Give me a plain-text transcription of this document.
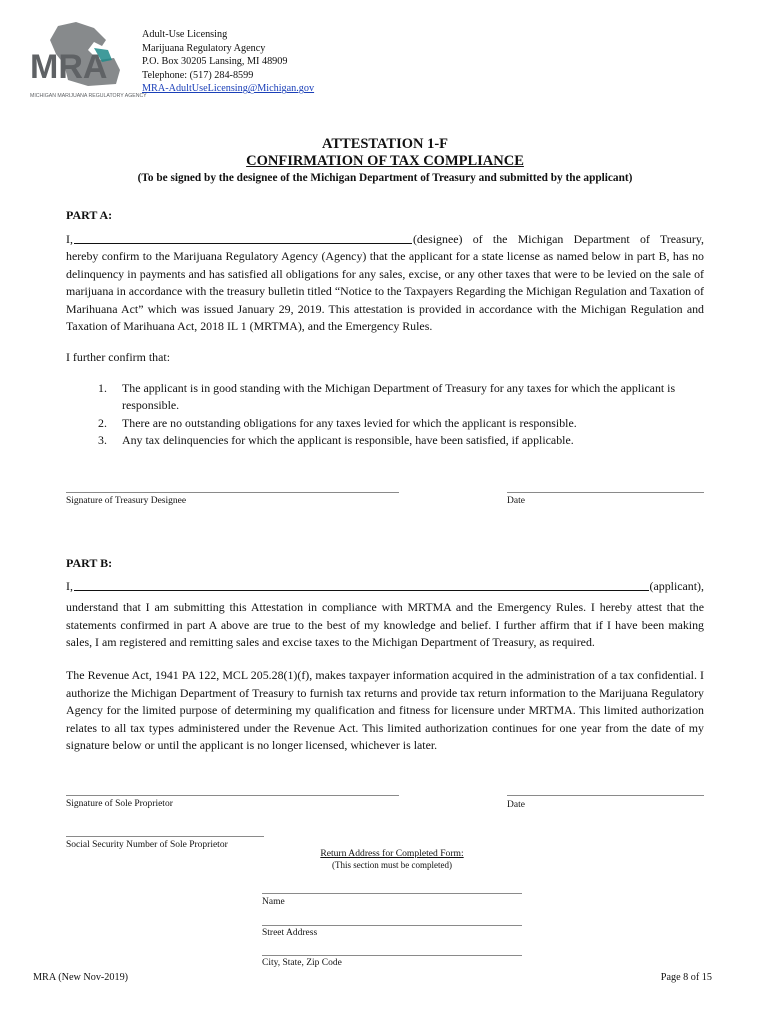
MRA
MICHIGAN MARIJUANA REGULATORY AGENCY
Adult-Use Licensing
Marijuana Regulatory Agency
P.O. Box 30205 Lansing, MI 48909
Telephone: (517) 284-8599
MRA-AdultUseLicensing@Michigan.gov
ATTESTATION 1-F
CONFIRMATION OF TAX COMPLIANCE
(To be signed by the designee of the Michigan Department of Treasury and submitted by the applicant)
PART A:
I,	(designee) of the Michigan Department of Treasury,
hereby confirm to the Marijuana Regulatory Agency (Agency) that the applicant for a state license as named below in part B, has no delinquency in payments and has satisfied all obligations for any sales, excise, or any other taxes that were to be levied on the sale of marijuana in accordance with the treasury bulletin titled “Notice to the Taxpayers Regarding the Michigan Regulation and Taxation of Marihuana Act” which was issued January 29, 2019. This attestation is provided in accordance with the Michigan Regulation and Taxation of Marihuana Act, 2018 IL 1 (MRTMA), and the Emergency Rules.
I further confirm that:
1. The applicant is in good standing with the Michigan Department of Treasury for any taxes for which the applicant is responsible.
2. There are no outstanding obligations for any taxes levied for which the applicant is responsible.
3. Any tax delinquencies for which the applicant is responsible, have been satisfied, if applicable.
Signature of Treasury Designee	Date
PART B:
I,	(applicant),
understand that I am submitting this Attestation in compliance with MRTMA and the Emergency Rules. I hereby attest that the statements confirmed in part A above are true to the best of my knowledge and belief. I further affirm that if I have been making sales, I am registered and remitting sales and excise taxes to the Michigan Department of Treasury, as required.
The Revenue Act, 1941 PA 122, MCL 205.28(1)(f), makes taxpayer information acquired in the administration of a tax confidential. I authorize the Michigan Department of Treasury to furnish tax returns and provide tax return information to the Marijuana Regulatory Agency for the limited purpose of determining my qualification and fitness for licensure under MRTMA. This limited authorization relates to all tax types administered under the Revenue Act. This limited authorization continues for one year from the date of my signature below or until the applicant is no longer licensed, whichever is later.
Signature of Sole Proprietor	Date
Social Security Number of Sole Proprietor
Return Address for Completed Form:
(This section must be completed)
Name
Street Address
City, State, Zip Code
MRA (New Nov-2019)	Page 8 of 15
